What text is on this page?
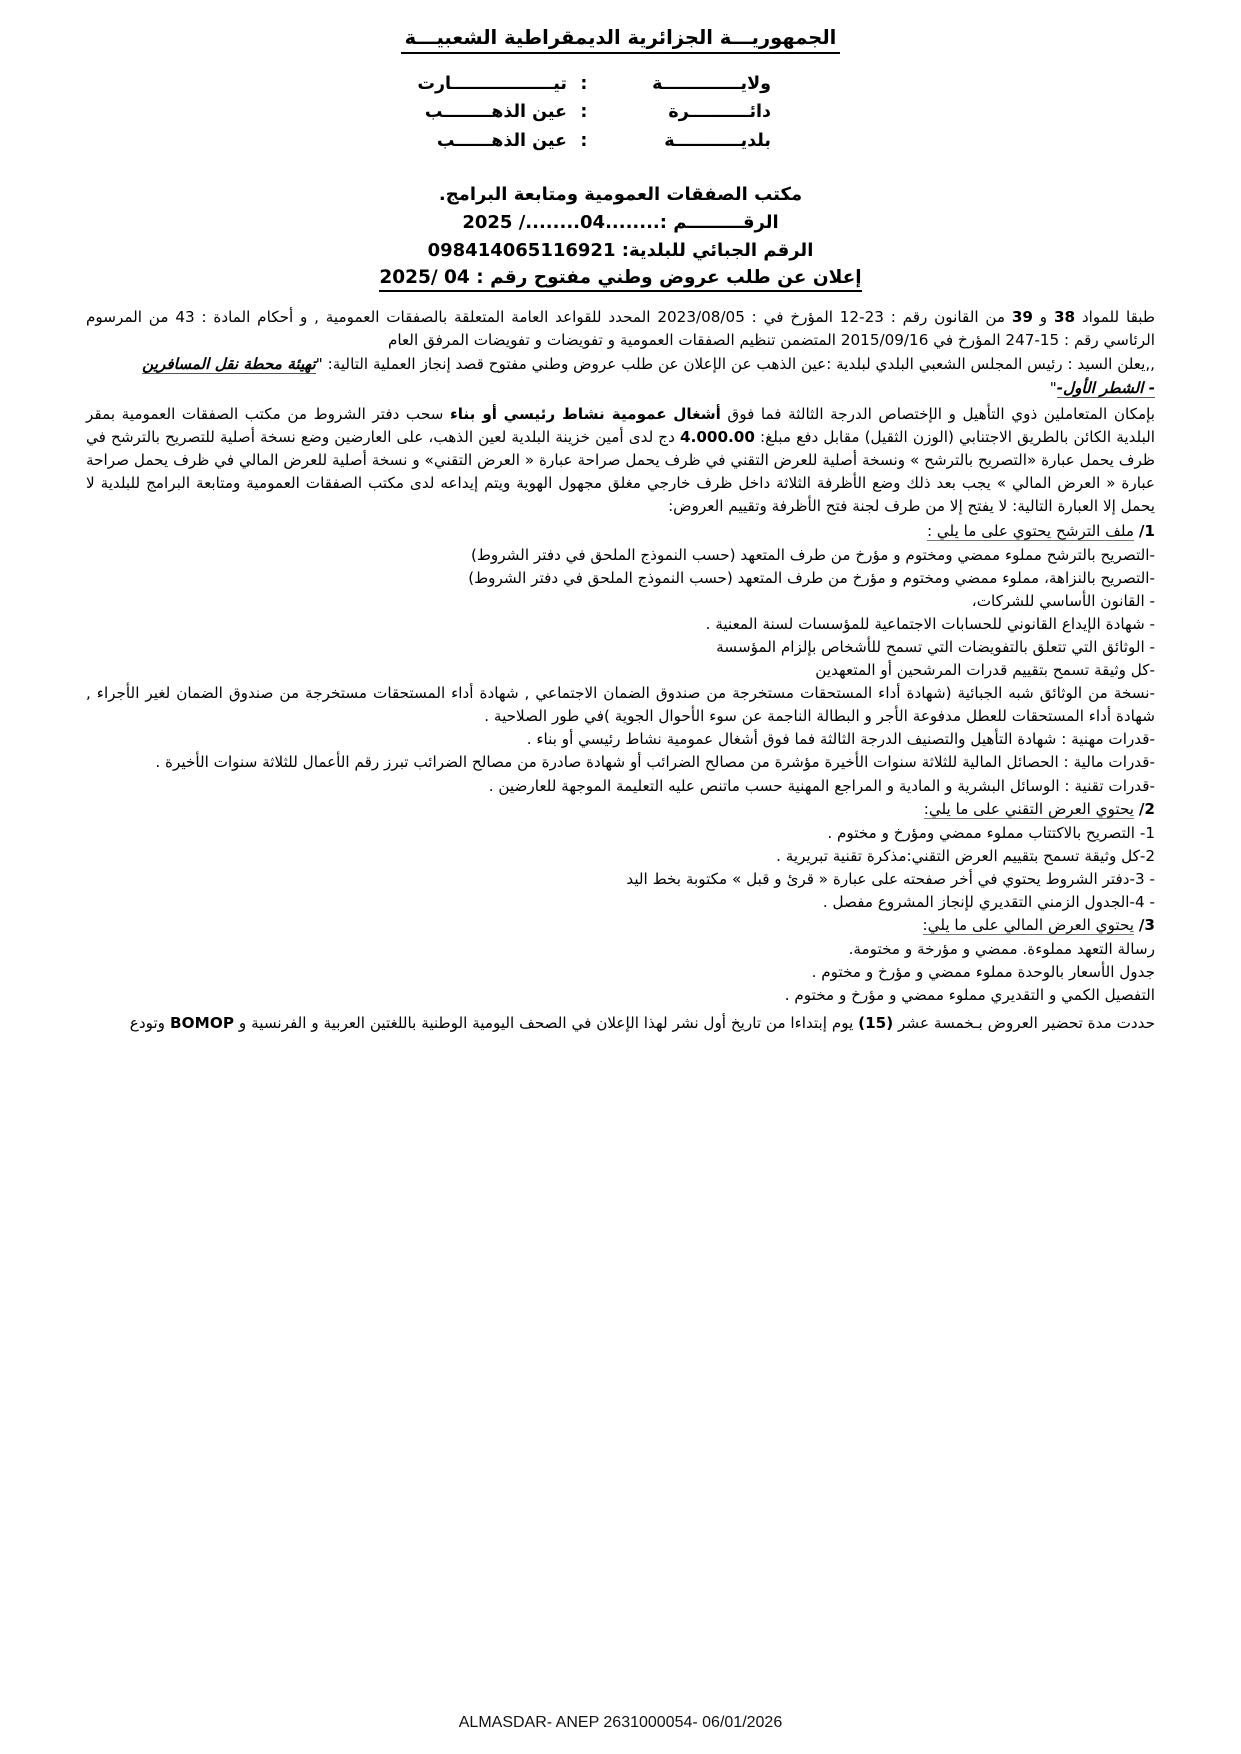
الجمهوريـــة الجزائرية الديمقراطية الشعبيـــة
ولايـــــــــــــة
:
تيـــــــــــــــــارت
دائــــــــــرة
:
عين الذهــــــــب
بلديـــــــــــة
:
عين الذهــــــب
مكتب الصفقات العمومية ومتابعة البرامج.
الرقـــــــــم :........04......../ 2025
الرقم الجبائي للبلدية: 098414065116921
إعلان عن طلب عروض وطني مفتوح رقم : 04 /2025

طبقا للمواد 38 و 39 من القانون رقم : 23-12 المؤرخ في : 2023/08/05 المحدد للقواعد العامة المتعلقة بالصفقات العمومية , و أحكام المادة : 43 من المرسوم الرئاسي رقم : 15-247 المؤرخ في 2015/09/16 المتضمن تنظيم الصفقات العمومية و تفويضات و تفويضات المرفق العام

,,يعلن السيد : رئيس المجلس الشعبي البلدي لبلدية :عين الذهب عن الإعلان عن طلب عروض وطني مفتوح قصد إنجاز العملية التالية: "تهيئة محطة نقل المسافرين

- الشطر الأول-"

بإمكان المتعاملين ذوي التأهيل و الإختصاص الدرجة الثالثة فما فوق أشغال عمومية نشاط رئيسي أو بناء سحب دفتر الشروط من مكتب الصفقات العمومية بمقر البلدية الكائن بالطريق الاجتنابي (الوزن الثقيل) مقابل دفع مبلغ: 4.000.00 دج لدى أمين خزينة البلدية لعين الذهب، على العارضين وضع نسخة أصلية للتصريح بالترشح في ظرف يحمل عبارة «التصريح بالترشح » ونسخة أصلية للعرض التقني في ظرف يحمل صراحة عبارة « العرض التقني» و نسخة أصلية للعرض المالي في ظرف يحمل صراحة عبارة « العرض المالي » يجب بعد ذلك وضع الأظرفة الثلاثة داخل ظرف خارجي مغلق مجهول الهوية ويتم إيداعه لدى مكتب الصفقات العمومية ومتابعة البرامج للبلدية لا يحمل إلا العبارة التالية: لا يفتح إلا من طرف لجنة فتح الأظرفة وتقييم العروض:

1/ ملف الترشح يحتوي على ما يلي :

-التصريح بالترشح مملوء ممضي ومختوم و مؤرخ من طرف المتعهد (حسب النموذج الملحق في دفتر الشروط)

-التصريح بالنزاهة، مملوء ممضي ومختوم و مؤرخ من طرف المتعهد (حسب النموذج الملحق في دفتر الشروط)

- القانون الأساسي للشركات،

- شهادة الإيداع القانوني للحسابات الاجتماعية للمؤسسات لسنة المعنية .

- الوثائق التي تتعلق بالتفويضات التي تسمح للأشخاص بإلزام المؤسسة

-كل وثيقة تسمح بتقييم قدرات المرشحين أو المتعهدين

-نسخة من الوثائق شبه الجبائية (شهادة أداء المستحقات مستخرجة من صندوق الضمان الاجتماعي , شهادة أداء المستحقات مستخرجة من صندوق الضمان لغير الأجراء , شهادة أداء المستحقات للعطل مدفوعة الأجر و البطالة الناجمة عن سوء الأحوال الجوية )في طور الصلاحية .

-قدرات مهنية : شهادة التأهيل والتصنيف الدرجة الثالثة فما فوق أشغال عمومية نشاط رئيسي أو بناء .

-قدرات مالية : الحصائل المالية للثلاثة سنوات الأخيرة مؤشرة من مصالح الضرائب أو شهادة صادرة من مصالح الضرائب تبرز رقم الأعمال للثلاثة سنوات الأخيرة .

-قدرات تقنية : الوسائل البشرية و المادية و المراجع المهنية حسب ماتنص عليه التعليمة الموجهة للعارضين .

2/ يحتوي العرض التقني على ما يلي:

1- التصريح بالاكتتاب مملوء ممضي ومؤرخ و مختوم .

2-كل وثيقة تسمح بتقييم العرض التقني:مذكرة تقنية تبريرية .

- 3-دفتر الشروط يحتوي في أخر صفحته على عبارة « قرئ و قبل » مكتوبة بخط اليد

- 4-الجدول الزمني التقديري لإنجاز المشروع مفصل .

3/ يحتوي العرض المالي على ما يلي:

رسالة التعهد مملوءة. ممضي و مؤرخة و مختومة.

جدول الأسعار بالوحدة مملوء ممضي و مؤرخ و مختوم .

التفصيل الكمي و التقديري مملوء ممضي و مؤرخ و مختوم .

حددت مدة تحضير العروض بـخمسة عشر (15) يوم إبتداءا من تاريخ أول نشر لهذا الإعلان في الصحف اليومية الوطنية باللغتين العربية و الفرنسية و BOMOP وتودع

ALMASDAR- ANEP 2631000054- 06/01/2026
